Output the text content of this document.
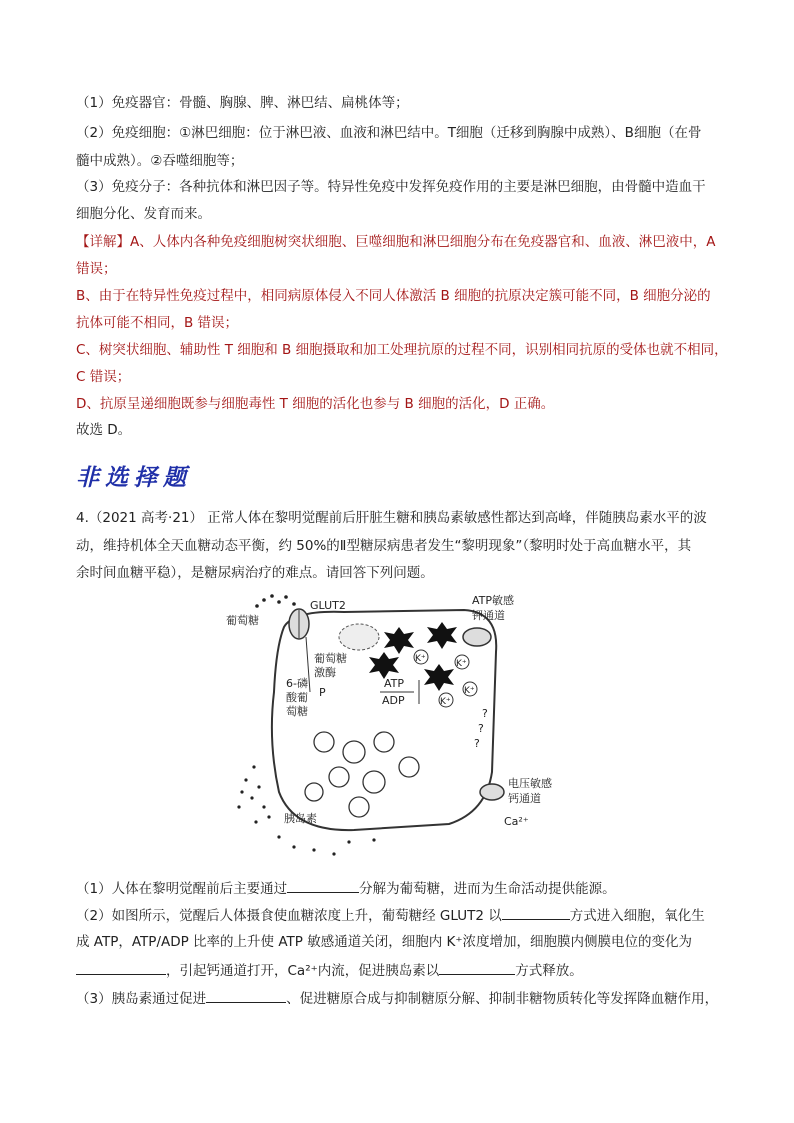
（1）免疫器官：骨髓、胸腺、脾、淋巴结、扁桃体等；
（2）免疫细胞：①淋巴细胞：位于淋巴液、血液和淋巴结中。T细胞（迁移到胸腺中成熟）、B细胞（在骨
髓中成熟）。②吞噬细胞等；
（3）免疫分子：各种抗体和淋巴因子等。特异性免疫中发挥免疫作用的主要是淋巴细胞，由骨髓中造血干
细胞分化、发育而来。
【详解】A、人体内各种免疫细胞树突状细胞、巨噬细胞和淋巴细胞分布在免疫器官和、血液、淋巴液中，A
错误；
B、由于在特异性免疫过程中，相同病原体侵入不同人体激活 B 细胞的抗原决定簇可能不同，B 细胞分泌的
抗体可能不相同，B 错误；
C、树突状细胞、辅助性 T 细胞和 B 细胞摄取和加工处理抗原的过程不同，识别相同抗原的受体也就不相同，
C 错误；
D、抗原呈递细胞既参与细胞毒性 T 细胞的活化也参与 B 细胞的活化，D 正确。
故选 D。
非选择题
4.（2021 高考·21） 正常人体在黎明觉醒前后肝脏生糖和胰岛素敏感性都达到高峰，伴随胰岛素水平的波
动，维持机体全天血糖动态平衡，约 50%的Ⅱ型糖尿病患者发生“黎明现象”（黎明时处于高血糖水平，其
余时间血糖平稳），是糖尿病治疗的难点。请回答下列问题。
GLUT2
葡萄糖
葡萄糖
激酶
6-磷
酸葡
萄糖
P
ATP
ADP
K⁺	K⁺
K⁺
K⁺
ATP敏感
钾通道
?
?
?
胰岛素
电压敏感
钙通道
Ca²⁺
（1）人体在黎明觉醒前后主要通过	分解为葡萄糖，进而为生命活动提供能源。
（2）如图所示，觉醒后人体摄食使血糖浓度上升，葡萄糖经 GLUT2 以	方式进入细胞，氧化生
成 ATP，ATP/ADP 比率的上升使 ATP 敏感通道关闭，细胞内 K⁺浓度增加，细胞膜内侧膜电位的变化为
，引起钙通道打开，Ca²⁺内流，促进胰岛素以	方式释放。
（3）胰岛素通过促进	、促进糖原合成与抑制糖原分解、抑制非糖物质转化等发挥降血糖作用，
